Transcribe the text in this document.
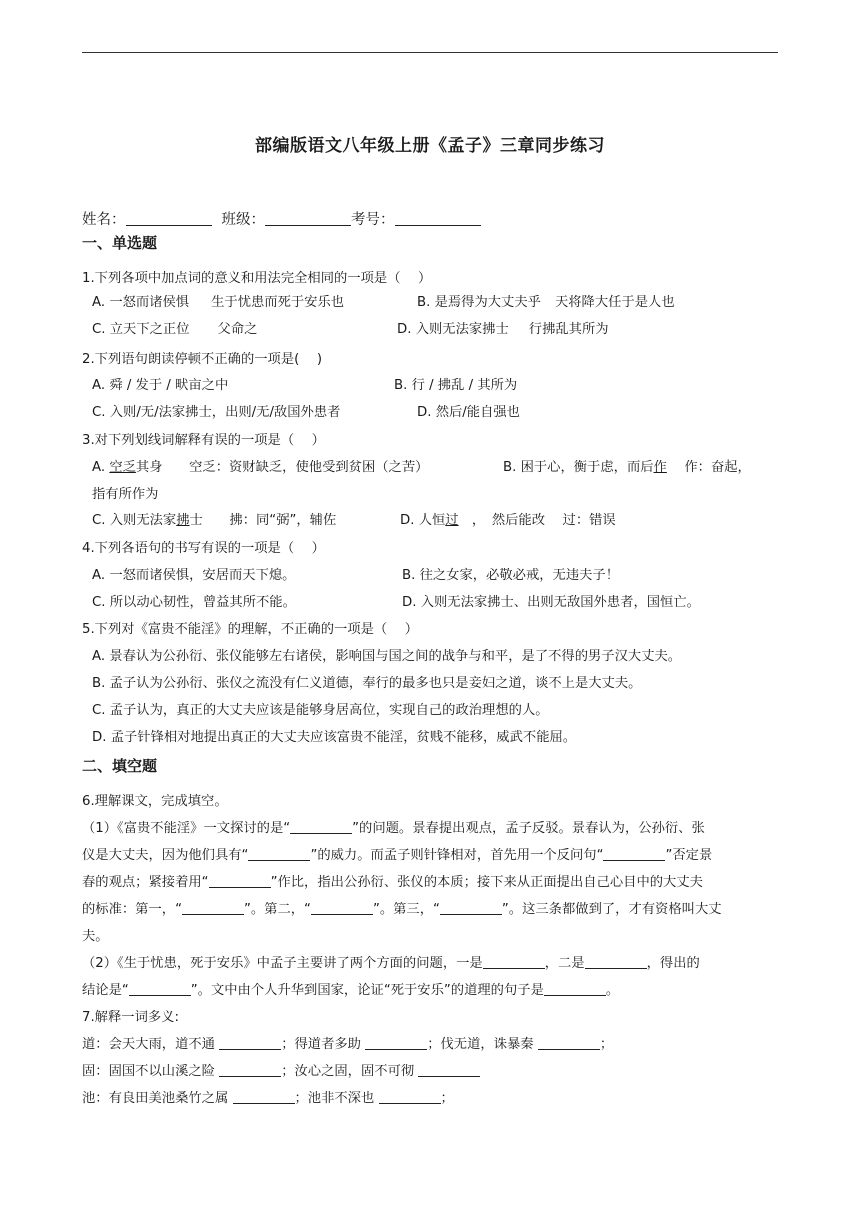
部编版语文八年级上册《孟子》三章同步练习
姓名：	班级：	考号：
一、单选题
1.下列各项中加点词的意义和用法完全相同的一项是（　 ）
A. 一怒而诸侯惧 生于忧患而死于安乐也	B. 是焉得为大丈夫乎 天将降大任于是人也
C. 立天下之正位 父命之	D. 入则无法家拂士 行拂乱其所为
2.下列语句朗读停顿不正确的一项是(　 )
A. 舜 / 发于 / 畎亩之中	B. 行 / 拂乱 / 其所为
C. 入则/无/法家拂士，出则/无/敌国外患者	D. 然后/能自强也
3.对下列划线词解释有误的一项是（　 ）
A. 空乏其身　　空乏：资财缺乏，使他受到贫困（之苦）	B. 困于心，衡于虑，而后作　 作：奋起，
指有所作为
C. 入则无法家拂士　　拂：同“弼”，辅佐	D. 人恒过　，　然后能改　 过：错误
4.下列各语句的书写有误的一项是（　 ）
A. 一怒而诸侯惧，安居而天下熄。	B. 往之女家，必敬必戒，无违夫子！
C. 所以动心韧性，曾益其所不能。	D. 入则无法家拂士、出则无敌国外患者，国恒亡。
5.下列对《富贵不能淫》的理解，不正确的一项是（　 ）
A. 景春认为公孙衍、张仪能够左右诸侯，影响国与国之间的战争与和平，是了不得的男子汉大丈夫。
B. 孟子认为公孙衍、张仪之流没有仁义道德，奉行的最多也只是妾妇之道，谈不上是大丈夫。
C. 孟子认为，真正的大丈夫应该是能够身居高位，实现自己的政治理想的人。
D. 孟子针锋相对地提出真正的大丈夫应该富贵不能淫，贫贱不能移，威武不能屈。
二、填空题
6.理解课文，完成填空。
（1）《富贵不能淫》一文探讨的是“	”的问题。景春提出观点，孟子反驳。景春认为，公孙衍、张
仪是大丈夫，因为他们具有“	”的威力。而孟子则针锋相对，首先用一个反问句“	”否定景
春的观点；紧接着用“	”作比，指出公孙衍、张仪的本质；接下来从正面提出自己心目中的大丈夫
的标准：第一，“	”。第二，“	”。第三，“	”。这三条都做到了，才有资格叫大丈
夫。
（2）《生于忧患，死于安乐》中孟子主要讲了两个方面的问题，一是	，二是	，得出的
结论是“	”。文中由个人升华到国家，论证“死于安乐”的道理的句子是	。
7.解释一词多义:
道：会天大雨，道不通	；得道者多助	；伐无道，诛暴秦	；
固：固国不以山溪之险	；汝心之固，固不可彻
池：有良田美池桑竹之属	；池非不深也	；
